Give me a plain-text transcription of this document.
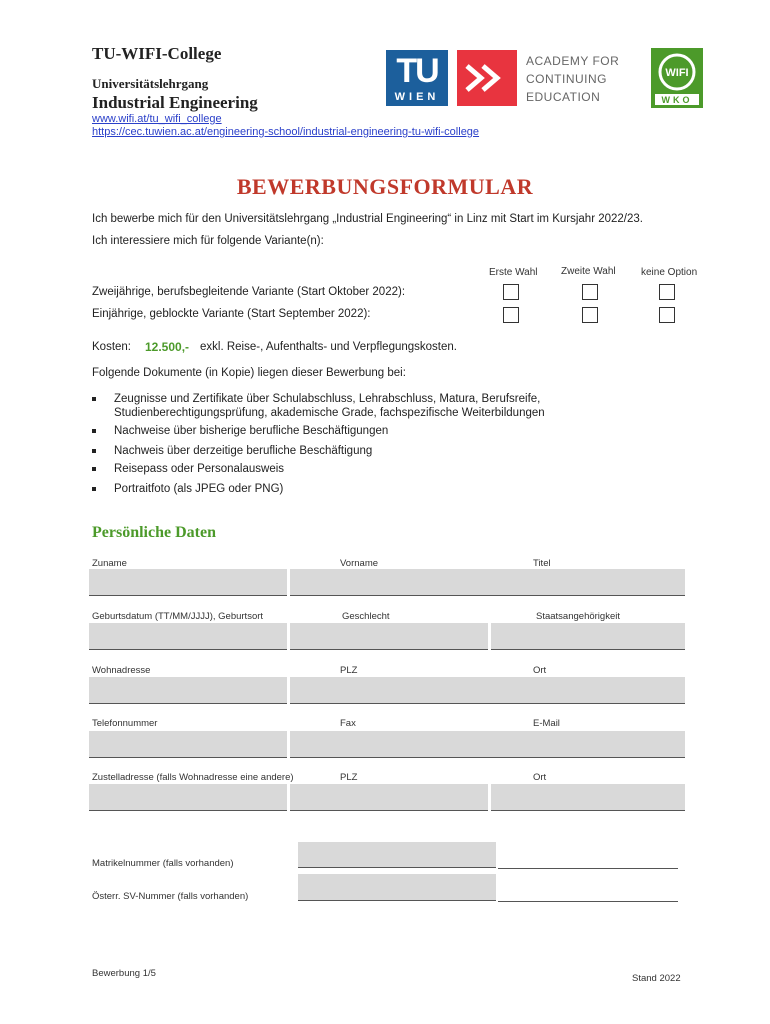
TU-WIFI-College
Universitätslehrgang
Industrial Engineering
www.wifi.at/tu_wifi_college
https://cec.tuwien.ac.at/engineering-school/industrial-engineering-tu-wifi-college
TU
WIEN
ACADEMY FOR
CONTINUING
EDUCATION
WIFI
WKO
BEWERBUNGSFORMULAR
Ich bewerbe mich für den Universitätslehrgang „Industrial Engineering“ in Linz mit Start im Kursjahr 2022/23.
Ich interessiere mich für folgende Variante(n):
Erste Wahl Zweite Wahl	keine Option
Zweijährige, berufsbegleitende Variante (Start Oktober 2022):
Einjährige, geblockte Variante (Start September 2022):
Kosten: 12.500,- exkl. Reise-, Aufenthalts- und Verpflegungskosten.
Folgende Dokumente (in Kopie) liegen dieser Bewerbung bei:
Zeugnisse und Zertifikate über Schulabschluss, Lehrabschluss, Matura, Berufsreife, Studienberechtigungsprüfung, akademische Grade, fachspezifische Weiterbildungen
Nachweise über bisherige berufliche Beschäftigungen
Nachweis über derzeitige berufliche Beschäftigung
Reisepass oder Personalausweis
Portraitfoto (als JPEG oder PNG)
Persönliche Daten
Zuname	Vorname	Titel
Geburtsdatum (TT/MM/JJJJ), Geburtsort	Geschlecht	Staatsangehörigkeit
Wohnadresse	PLZ	Ort
Telefonnummer	Fax	E-Mail
Zustelladresse (falls Wohnadresse eine andere)	PLZ	Ort
Matrikelnummer (falls vorhanden)
Österr. SV-Nummer (falls vorhanden)
Bewerbung 1/5	Stand 2022
